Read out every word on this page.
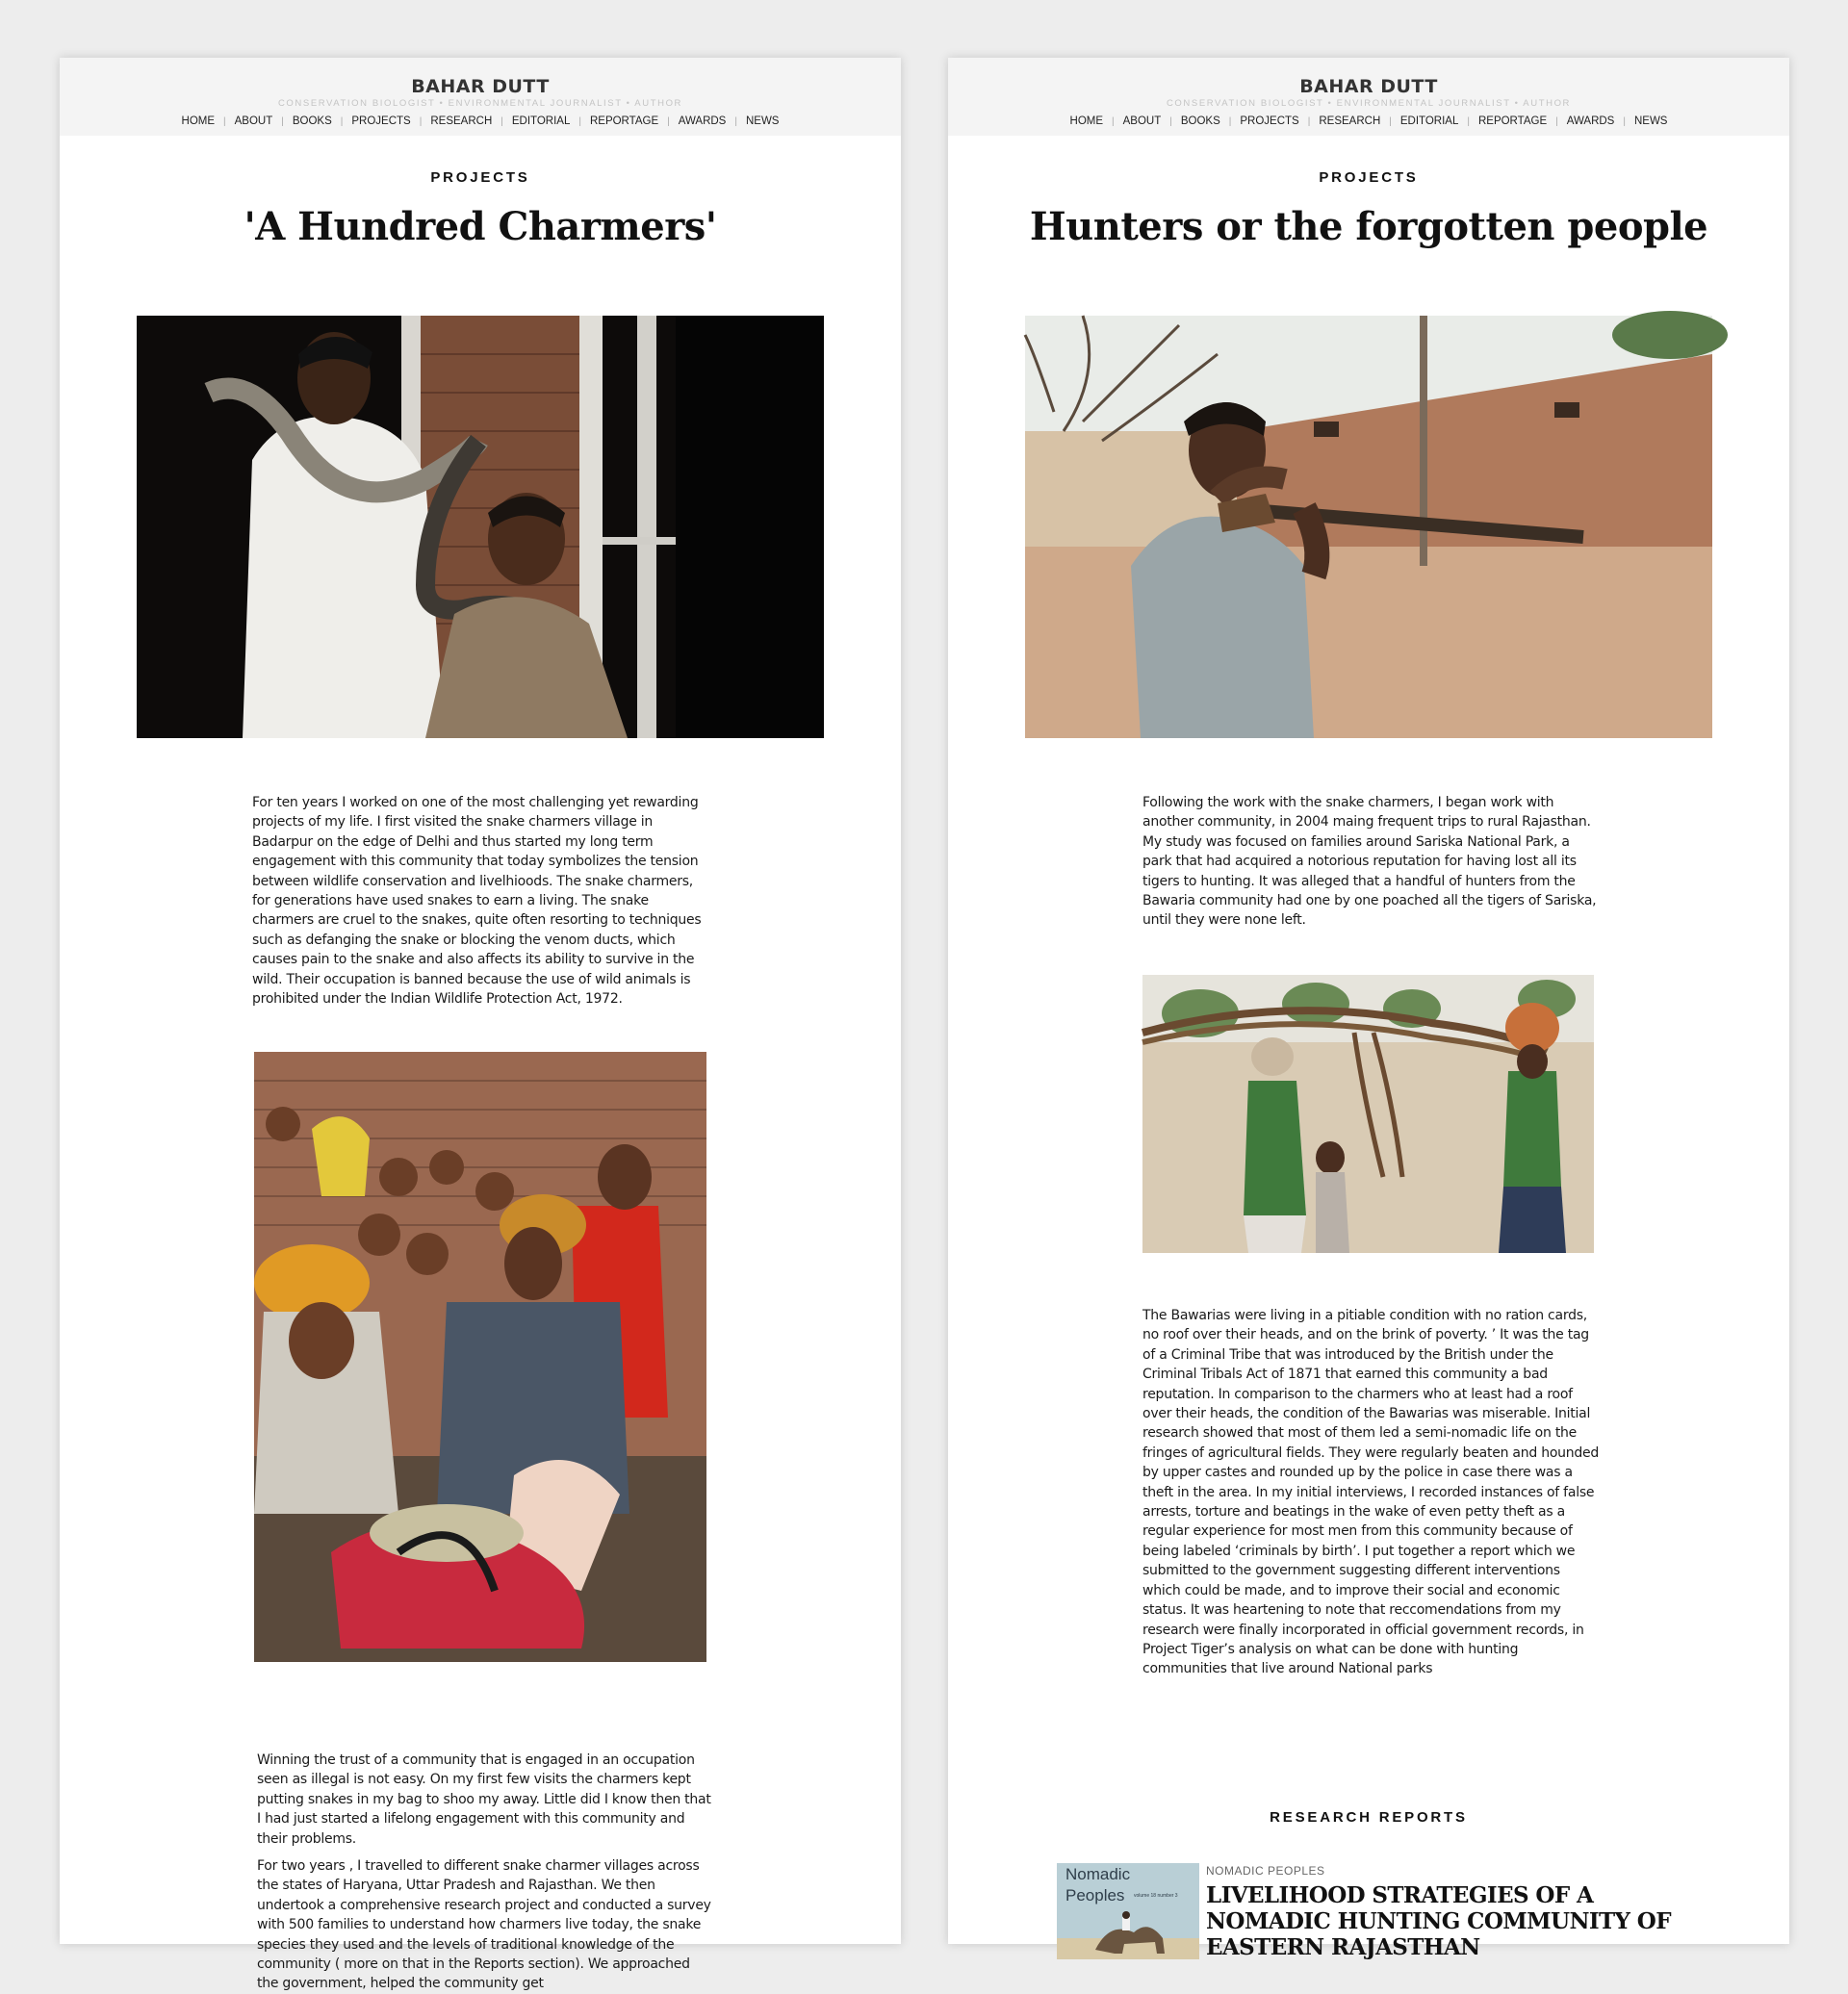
BAHAR DUTT
CONSERVATION BIOLOGIST • ENVIRONMENTAL JOURNALIST • AUTHOR
HOME | ABOUT | BOOKS | PROJECTS | RESEARCH | EDITORIAL | REPORTAGE | AWARDS | NEWS
PROJECTS
'A Hundred Charmers'
For ten years I worked on one of the most challenging yet rewarding projects of my life. I first visited the snake charmers village in Badarpur on the edge of Delhi and thus started my long term engagement with this community that today symbolizes the tension between wildlife conservation and livelhioods. The snake charmers, for generations have used snakes to earn a living. The snake charmers are cruel to the snakes, quite often resorting to techniques such as defanging the snake or blocking the venom ducts, which causes pain to the snake and also affects its ability to survive in the wild. Their occupation is banned because the use of wild animals is prohibited under the Indian Wildlife Protection Act, 1972.
Winning the trust of a community that is engaged in an occupation seen as illegal is not easy. On my first few visits the charmers kept putting snakes in my bag to shoo my away. Little did I know then that I had just started a lifelong engagement with this community and their problems.
For two years , I travelled to different snake charmer villages across the states of Haryana, Uttar Pradesh and Rajasthan. We then undertook a comprehensive research project and conducted a survey with 500 families to understand how charmers live today, the snake species they used and the levels of traditional knowledge of the community ( more on that in the Reports section). We approached the government, helped the community get
BAHAR DUTT
CONSERVATION BIOLOGIST • ENVIRONMENTAL JOURNALIST • AUTHOR
HOME | ABOUT | BOOKS | PROJECTS | RESEARCH | EDITORIAL | REPORTAGE | AWARDS | NEWS
PROJECTS
Hunters or the forgotten people
Following the work with the snake charmers, I began work with another community, in 2004 maing frequent trips to rural Rajasthan. My study was focused on families around Sariska National Park, a park that had acquired a notorious reputation for having lost all its tigers to hunting. It was alleged that a handful of hunters from the Bawaria community had one by one poached all the tigers of Sariska, until they were none left.
The Bawarias were living in a pitiable condition with no ration cards, no roof over their heads, and on the brink of poverty. ’ It was the tag of a Criminal Tribe that was introduced by the British under the Criminal Tribals Act of 1871 that earned this community a bad reputation. In comparison to the charmers who at least had a roof over their heads, the condition of the Bawarias was miserable. Initial research showed that most of them led a semi-nomadic life on the fringes of agricultural fields. They were regularly beaten and hounded by upper castes and rounded up by the police in case there was a theft in the area. In my initial interviews, I recorded instances of false arrests, torture and beatings in the wake of even petty theft as a regular experience for most men from this community because of being labeled ‘criminals by birth’. I put together a report which we submitted to the government suggesting different interventions which could be made, and to improve their social and economic status. It was heartening to note that reccomendations from my research were finally incorporated in official government records, in Project Tiger’s analysis on what can be done with hunting communities that live around National parks
RESEARCH REPORTS
Nomadic
Peoples volume 18 number 3
NOMADIC PEOPLES
LIVELIHOOD STRATEGIES OF A NOMADIC HUNTING COMMUNITY OF EASTERN RAJASTHAN
